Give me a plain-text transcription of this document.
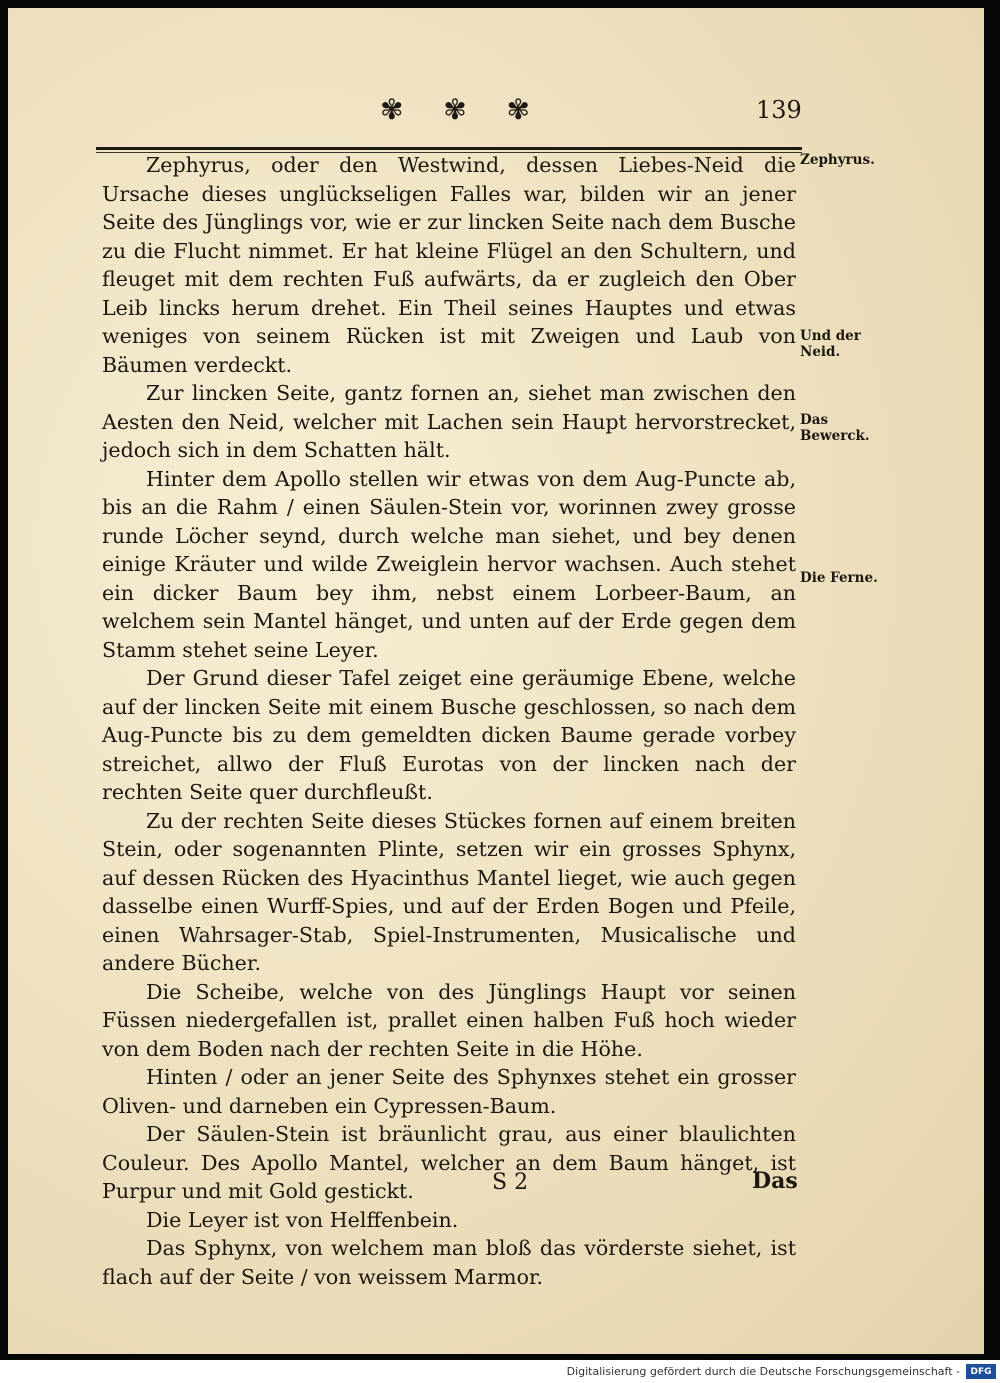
✾ ✾ ✾	139

Zephyrus, oder den Westwind, dessen Liebes-Neid die Ursache dieses unglückseligen Falles war, bilden wir an jener Seite des Jünglings vor, wie er zur lincken Seite nach dem Busche zu die Flucht nimmet. Er hat kleine Flügel an den Schultern, und fleuget mit dem rechten Fuß aufwärts, da er zugleich den Ober Leib lincks herum drehet. Ein Theil seines Hauptes und etwas weniges von seinem Rücken ist mit Zweigen und Laub von Bäumen verdeckt.

Zur lincken Seite, gantz fornen an, siehet man zwischen den Aesten den Neid, welcher mit Lachen sein Haupt hervorstrecket, jedoch sich in dem Schatten hält.

Hinter dem Apollo stellen wir etwas von dem Aug-Puncte ab, bis an die Rahm / einen Säulen-Stein vor, worinnen zwey grosse runde Löcher seynd, durch welche man siehet, und bey denen einige Kräuter und wilde Zweiglein hervor wachsen. Auch stehet ein dicker Baum bey ihm, nebst einem Lorbeer-Baum, an welchem sein Mantel hänget, und unten auf der Erde gegen dem Stamm stehet seine Leyer.

Der Grund dieser Tafel zeiget eine geräumige Ebene, welche auf der lincken Seite mit einem Busche geschlossen, so nach dem Aug-Puncte bis zu dem gemeldten dicken Baume gerade vorbey streichet, allwo der Fluß Eurotas von der lincken nach der rechten Seite quer durchfleußt.

Zu der rechten Seite dieses Stückes fornen auf einem breiten Stein, oder sogenannten Plinte, setzen wir ein grosses Sphynx, auf dessen Rücken des Hyacinthus Mantel lieget, wie auch gegen dasselbe einen Wurff-Spies, und auf der Erden Bogen und Pfeile, einen Wahrsager-Stab, Spiel-Instrumenten, Musicalische und andere Bücher.

Die Scheibe, welche von des Jünglings Haupt vor seinen Füssen niedergefallen ist, prallet einen halben Fuß hoch wieder von dem Boden nach der rechten Seite in die Höhe.

Hinten / oder an jener Seite des Sphynxes stehet ein grosser Oliven- und darneben ein Cypressen-Baum.

Der Säulen-Stein ist bräunlicht grau, aus einer blaulichten Couleur. Des Apollo Mantel, welcher an dem Baum hänget, ist Purpur und mit Gold gestickt.

Die Leyer ist von Helffenbein.

Das Sphynx, von welchem man bloß das vörderste siehet, ist flach auf der Seite / von weissem Marmor.

Zephyrus.
Und der Neid.
Das Bewerck.
Die Ferne.
S 2	Das
Digitalisierung gefördert durch die Deutsche Forschungsgemeinschaft -	DFG
